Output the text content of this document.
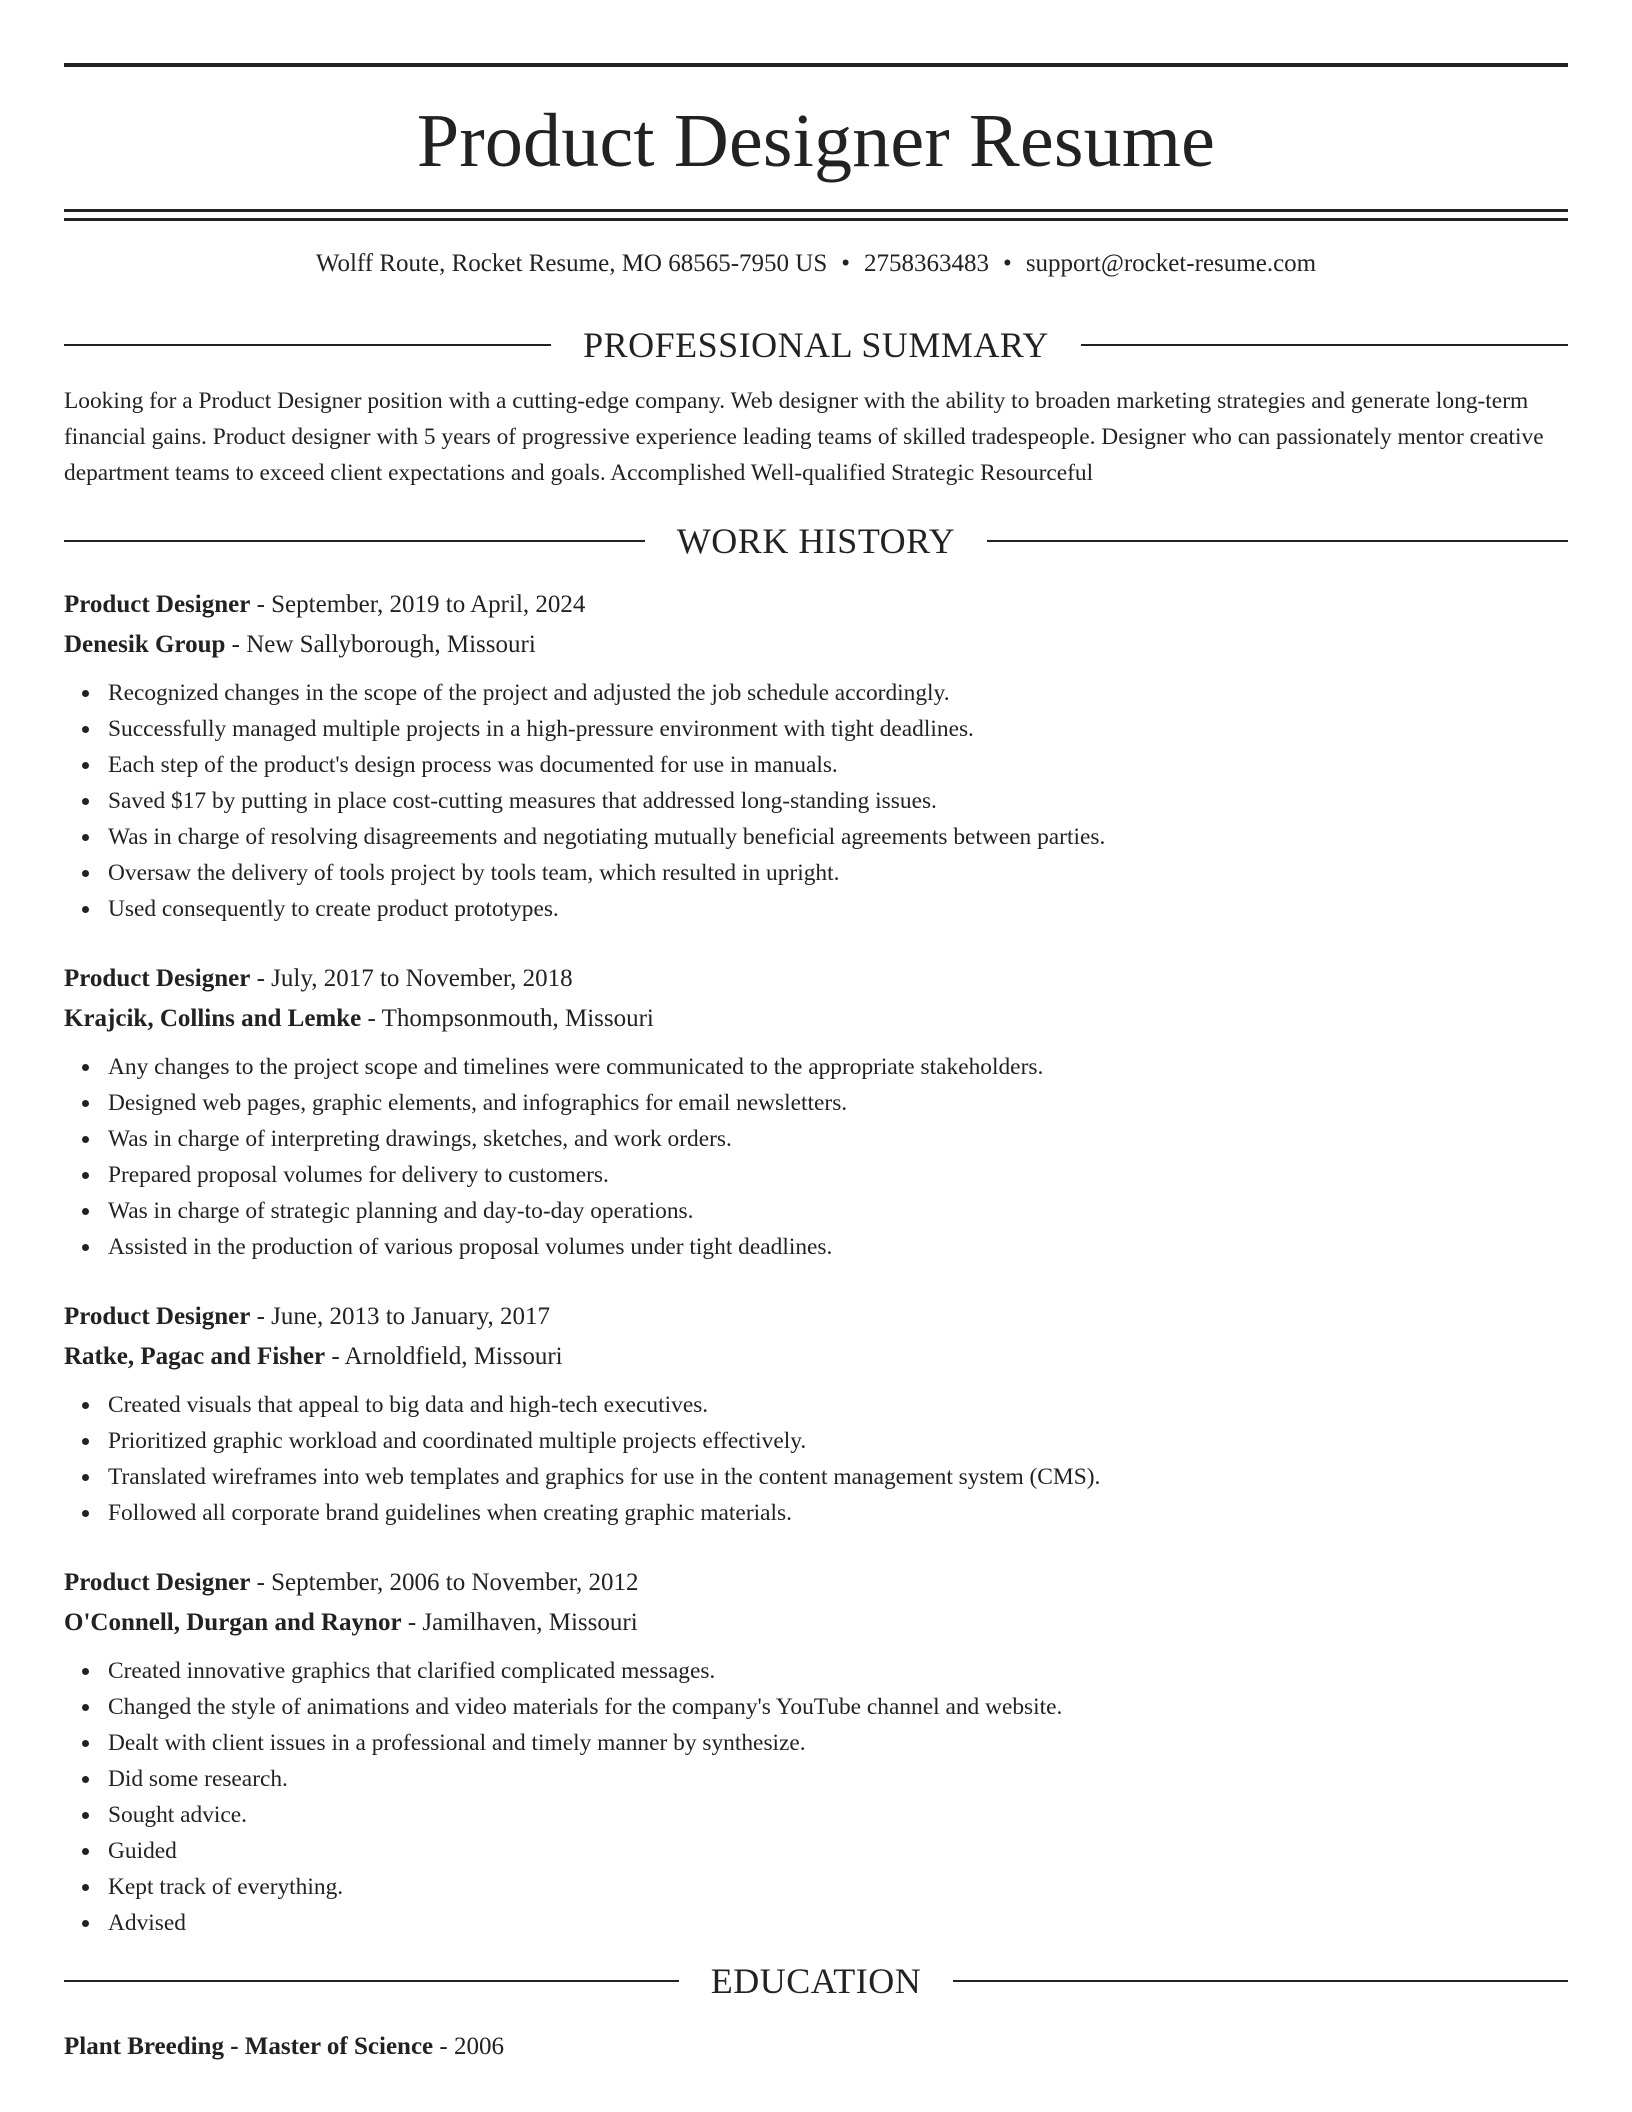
Product Designer Resume
Wolff Route, Rocket Resume, MO 68565-7950 US • 2758363483 • support@rocket-resume.com
PROFESSIONAL SUMMARY

Looking for a Product Designer position with a cutting-edge company. Web designer with the ability to broaden marketing strategies and generate long-term financial gains. Product designer with 5 years of progressive experience leading teams of skilled tradespeople. Designer who can passionately mentor creative department teams to exceed client expectations and goals. Accomplished Well-qualified Strategic Resourceful

WORK HISTORY
Product Designer - September, 2019 to April, 2024
Denesik Group - New Sallyborough, Missouri
Recognized changes in the scope of the project and adjusted the job schedule accordingly.
Successfully managed multiple projects in a high-pressure environment with tight deadlines.
Each step of the product's design process was documented for use in manuals.
Saved $17 by putting in place cost-cutting measures that addressed long-standing issues.
Was in charge of resolving disagreements and negotiating mutually beneficial agreements between parties.
Oversaw the delivery of tools project by tools team, which resulted in upright.
Used consequently to create product prototypes.
Product Designer - July, 2017 to November, 2018
Krajcik, Collins and Lemke - Thompsonmouth, Missouri
Any changes to the project scope and timelines were communicated to the appropriate stakeholders.
Designed web pages, graphic elements, and infographics for email newsletters.
Was in charge of interpreting drawings, sketches, and work orders.
Prepared proposal volumes for delivery to customers.
Was in charge of strategic planning and day-to-day operations.
Assisted in the production of various proposal volumes under tight deadlines.
Product Designer - June, 2013 to January, 2017
Ratke, Pagac and Fisher - Arnoldfield, Missouri
Created visuals that appeal to big data and high-tech executives.
Prioritized graphic workload and coordinated multiple projects effectively.
Translated wireframes into web templates and graphics for use in the content management system (CMS).
Followed all corporate brand guidelines when creating graphic materials.
Product Designer - September, 2006 to November, 2012
O'Connell, Durgan and Raynor - Jamilhaven, Missouri
Created innovative graphics that clarified complicated messages.
Changed the style of animations and video materials for the company's YouTube channel and website.
Dealt with client issues in a professional and timely manner by synthesize.
Did some research.
Sought advice.
Guided
Kept track of everything.
Advised
EDUCATION
Plant Breeding - Master of Science - 2006
